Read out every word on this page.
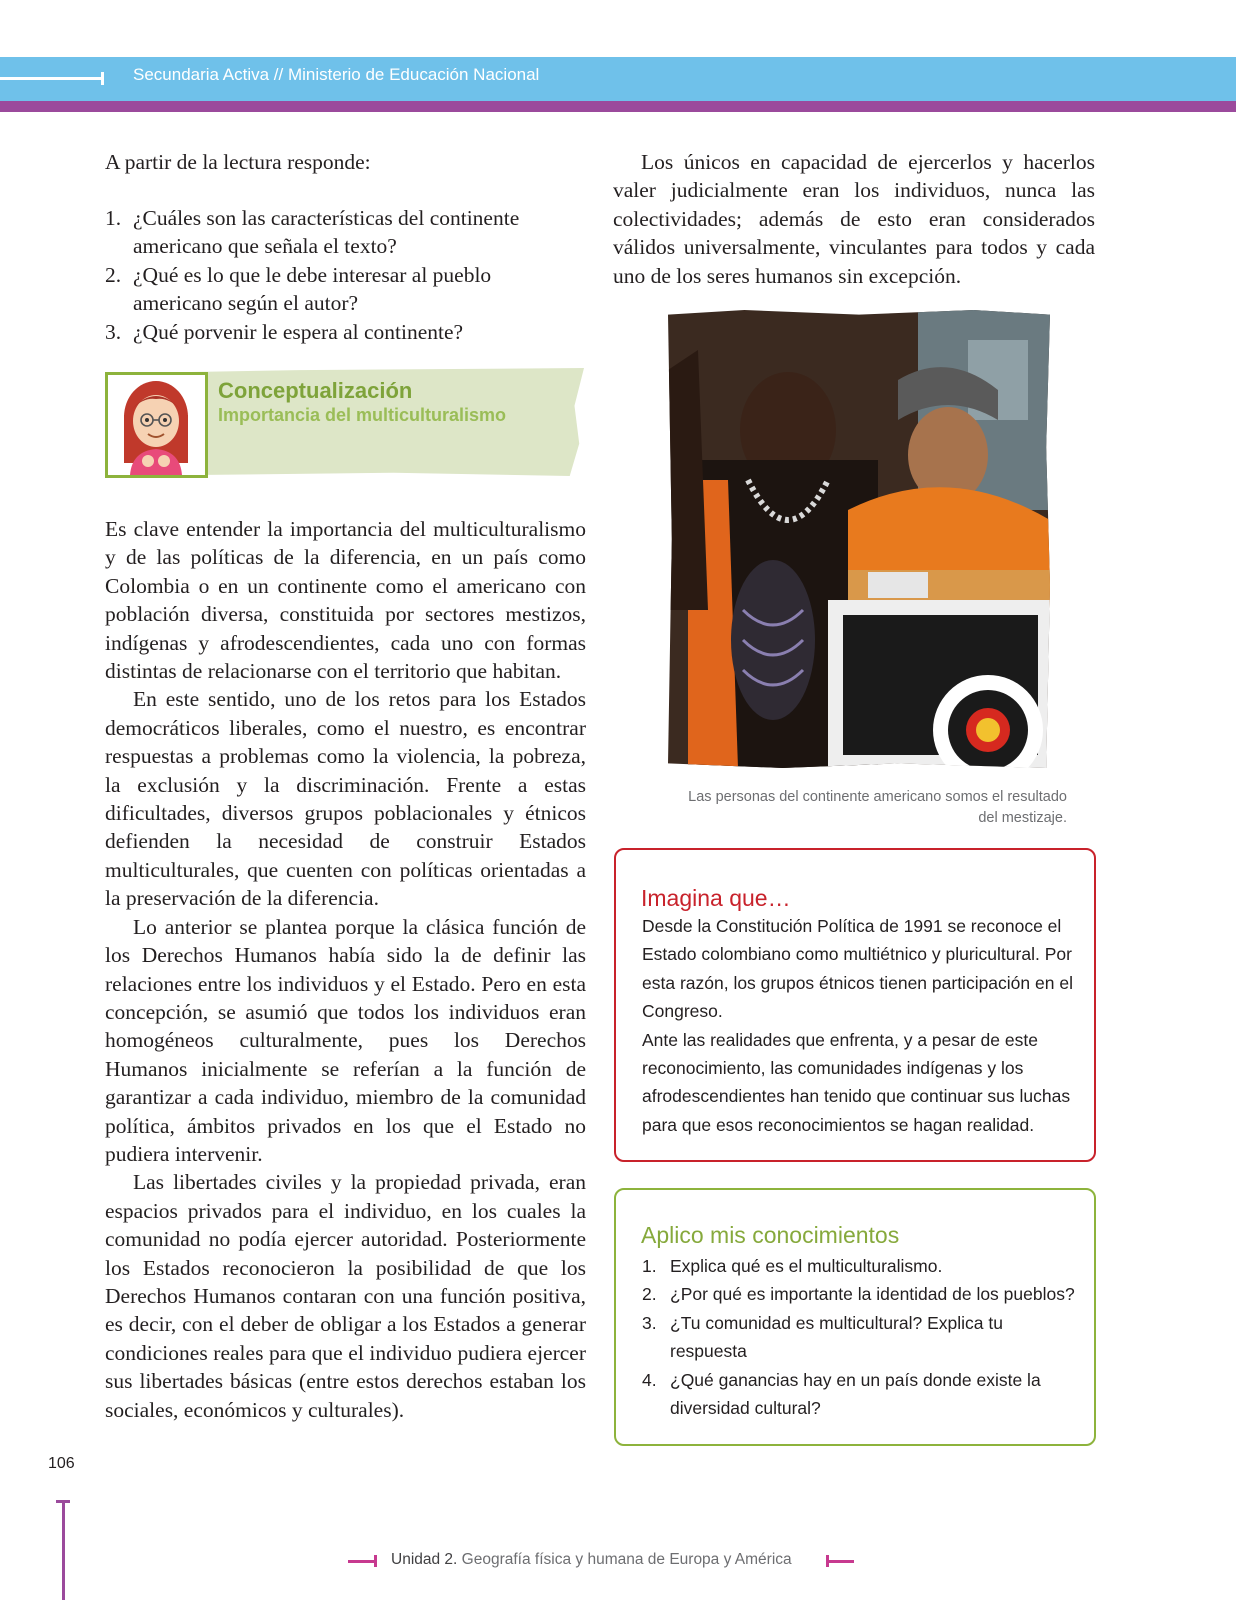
Secundaria Activa // Ministerio de Educación Nacional

A partir de la lectura responde:

1. ¿Cuáles son las características del continente americano que señala el texto?
2. ¿Qué es lo que le debe interesar al pueblo americano según el autor?
3. ¿Qué porvenir le espera al continente?
Conceptualización
Importancia del multiculturalismo

Es clave entender la importancia del multiculturalismo y de las políticas de la diferencia, en un país como Colombia o en un continente como el americano con población diversa, constituida por sectores mestizos, indígenas y afrodescendientes, cada uno con formas distintas de relacionarse con el territorio que habitan.

En este sentido, uno de los retos para los Estados democráticos liberales, como el nuestro, es encontrar respuestas a problemas como la violencia, la pobreza, la exclusión y la discriminación. Frente a estas dificultades, diversos grupos poblacionales y étnicos defienden la necesidad de construir Estados multiculturales, que cuenten con políticas orientadas a la preservación de la diferencia.

Lo anterior se plantea porque la clásica función de los Derechos Humanos había sido la de definir las relaciones entre los individuos y el Estado. Pero en esta concepción, se asumió que todos los individuos eran homogéneos culturalmente, pues los Derechos Humanos inicialmente se referían a la función de garantizar a cada individuo, miembro de la comunidad política, ámbitos privados en los que el Estado no pudiera intervenir.

Las libertades civiles y la propiedad privada, eran espacios privados para el individuo, en los cuales la comunidad no podía ejercer autoridad. Posteriormente los Estados reconocieron la posibilidad de que los Derechos Humanos contaran con una función positiva, es decir, con el deber de obligar a los Estados a generar condiciones reales para que el individuo pudiera ejercer sus libertades básicas (entre estos derechos estaban los sociales, económicos y culturales).

Los únicos en capacidad de ejercerlos y hacerlos valer judicialmente eran los individuos, nunca las colectividades; además de esto eran considerados válidos universalmente, vinculantes para todos y cada uno de los seres humanos sin excepción.

Las personas del continente americano somos el resultado
del mestizaje.
Imagina que…

Desde la Constitución Política de 1991 se reconoce el Estado colombiano como multiétnico y pluricultural. Por esta razón, los grupos étnicos tienen participación en el Congreso.

Ante las realidades que enfrenta, y a pesar de este reconocimiento, las comunidades indígenas y los afrodescendientes han tenido que continuar sus luchas para que esos reconocimientos se hagan realidad.

Aplico mis conocimientos
1. Explica qué es el multiculturalismo.
2. ¿Por qué es importante la identidad de los pueblos?
3. ¿Tu comunidad es multicultural? Explica tu respuesta
4. ¿Qué ganancias hay en un país donde existe la diversidad cultural?
106
Unidad 2. Geografía física y humana de Europa y América
